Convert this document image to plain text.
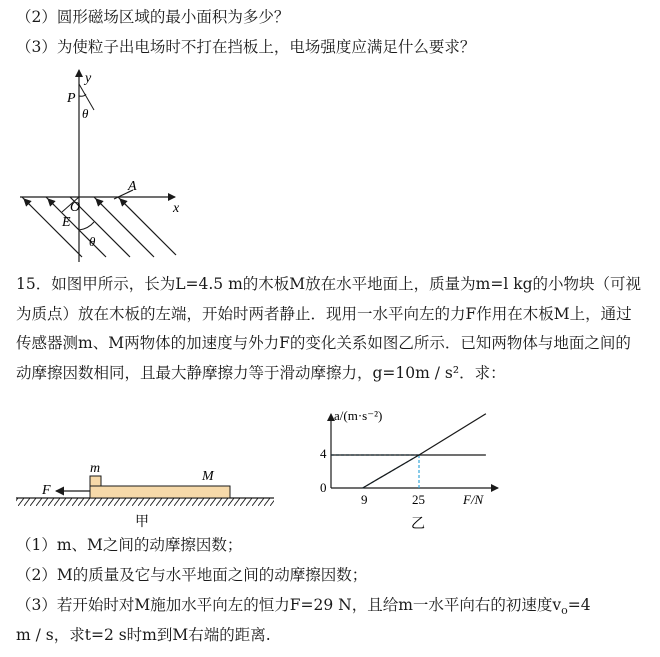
（2）圆形磁场区域的最小面积为多少？
（3）为使粒子出电场时不打在挡板上，电场强度应满足什么要求？
y
P
θ
A
O	x
E
θ
15．如图甲所示，长为L=4.5 m的木板M放在水平地面上，质量为m=l kg的小物块（可视为质点）放在木板的左端，开始时两者静止．现用一水平向左的力F作用在木板M上，通过传感器测m、M两物体的加速度与外力F的变化关系如图乙所示．已知两物体与地面之间的动摩擦因数相同，且最大静摩擦力等于滑动摩擦力，g=10m / s²．求：
m
M
F
甲
a/(m·s⁻²)
4
0
9	25	F/N
乙
（1）m、M之间的动摩擦因数；
（2）M的质量及它与水平地面之间的动摩擦因数；
（3）若开始时对M施加水平向左的恒力F=29 N，且给m一水平向右的初速度$v_o=4$
m / s，求t=2 s时m到M右端的距离.
